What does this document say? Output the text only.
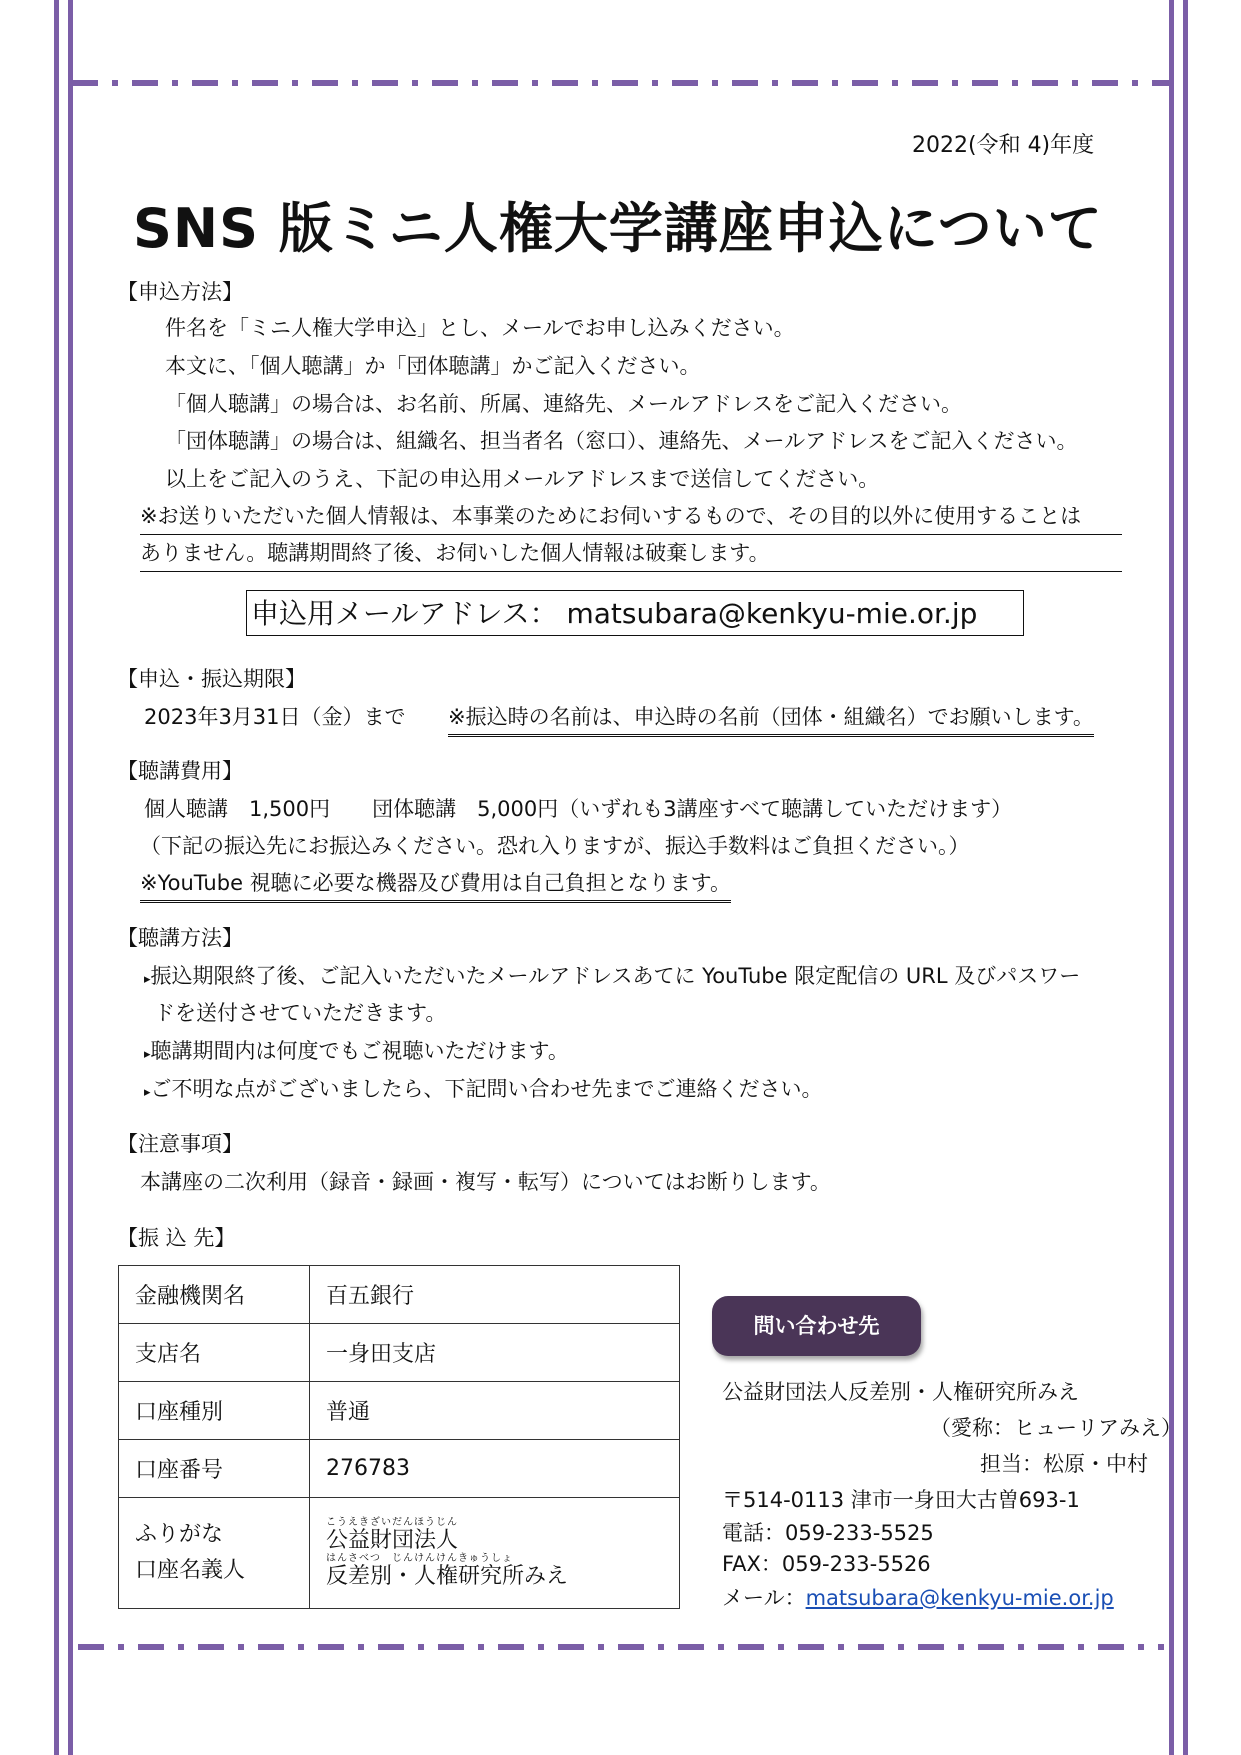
2022(令和 4)年度
SNS 版ミニ人権大学講座申込について
【申込方法】
件名を「ミニ人権大学申込」とし、メールでお申し込みください。
本文に、「個人聴講」か「団体聴講」かご記入ください。
「個人聴講」の場合は、お名前、所属、連絡先、メールアドレスをご記入ください。
「団体聴講」の場合は、組織名、担当者名（窓口）、連絡先、メールアドレスをご記入ください。
以上をご記入のうえ、下記の申込用メールアドレスまで送信してください。
※お送りいただいた個人情報は、本事業のためにお伺いするもので、その目的以外に使用することは
ありません。聴講期間終了後、お伺いした個人情報は破棄します。
申込用メールアドレス： matsubara@kenkyu-mie.or.jp
【申込・振込期限】
2023年3月31日（金）まで ※振込時の名前は、申込時の名前（団体・組織名）でお願いします。
【聴講費用】
個人聴講　1,500円　　団体聴講　5,000円（いずれも3講座すべて聴講していただけます）
（下記の振込先にお振込みください。恐れ入りますが、振込手数料はご負担ください。）
※YouTube 視聴に必要な機器及び費用は自己負担となります。
【聴講方法】
▸振込期限終了後、ご記入いただいたメールアドレスあてに YouTube 限定配信の URL 及びパスワー
ドを送付させていただきます。
▸聴講期間内は何度でもご視聴いただけます。
▸ご不明な点がございましたら、下記問い合わせ先までご連絡ください。
【注意事項】
本講座の二次利用（録音・録画・複写・転写）についてはお断りします。
【振 込 先】
金融機関名	百五銀行
支店名	一身田支店
口座種別	普通
口座番号	276783

ふりがな
口座名義人	こうえきざいだんほうじん
公益財団法人
はんさべつ　じんけんけんきゅうしょ
反差別・人権研究所みえ
問い合わせ先
公益財団法人反差別・人権研究所みえ
（愛称：ヒューリアみえ）
担当：松原・中村
〒514-0113 津市一身田大古曽693-1
電話：059-233-5525
FAX：059-233-5526
メール：matsubara@kenkyu-mie.or.jp
